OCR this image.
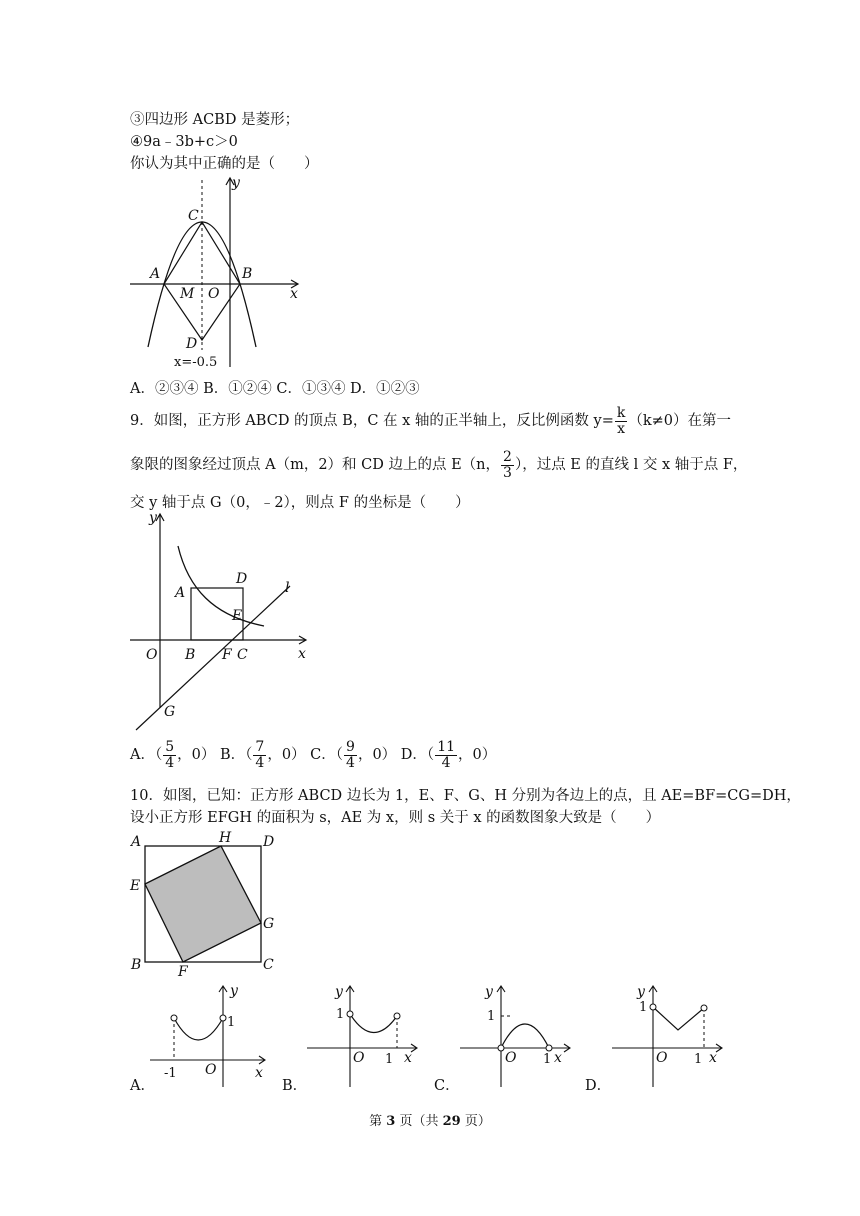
③四边形 ACBD 是菱形；
④9a﹣3b+c＞0
你认为其中正确的是（　　）
y
x
C
A	B
M O
D
x=-0.5
A．②③④ B．①②④ C．①③④ D．①②③
9．如图，正方形 ABCD 的顶点 B，C 在 x 轴的正半轴上，反比例函数 $y= \frac{k}{x} (k\ne 0)$在第一
象限的图象经过顶点 A（m，2）和 CD 边上的点 E（n， $\frac{2}{3}$ ），过点 E 的直线 l 交 x 轴于点 F，
交 y 轴于点 G（0，﹣2），则点 F 的坐标是（　　）
y
x
A
D
E
l
O B F C
G
A．（ $\frac{5}{4}$ ，0） B．（ $\frac{7}{4}$ ，0） C．（ $\frac{9}{4}$ ，0） D．（ $\frac{11}{4}$ ，0）
10．如图，已知：正方形 ABCD 边长为 1，E、F、G、H 分别为各边上的点，且 AE=BF=CG=DH，
设小正方形 EFGH 的面积为 s，AE 为 x，则 s 关于 x 的函数图象大致是（　　）
A	H D
E
G
B	F	C
A．
y
x
1
-1 O
B．
y
x
1
1
O
C．
y
x
1
1
O
D．
y
x
1
1
O
第 3 页（共 29 页）
